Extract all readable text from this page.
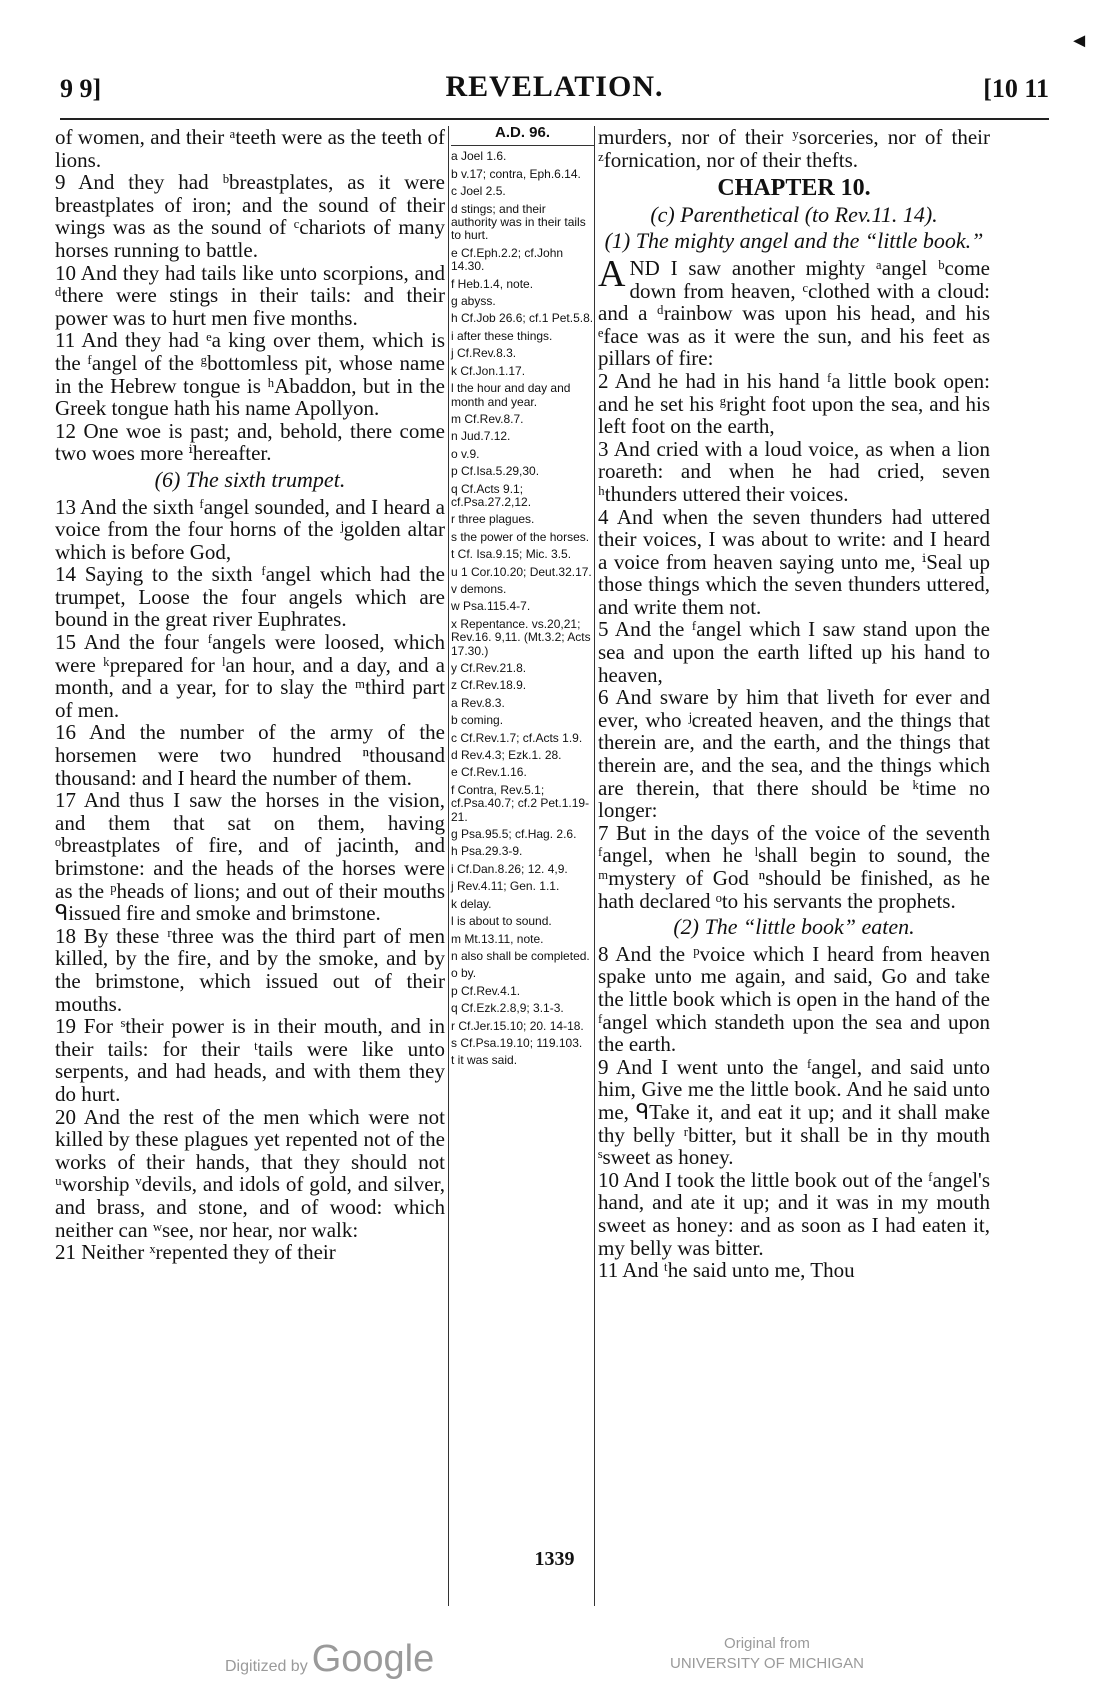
◄
9 9]	REVELATION.	[10 11

of women, and their ᵃteeth were as the teeth of lions.

9 And they had ᵇbreastplates, as it were breastplates of iron; and the sound of their wings was as the sound of ᶜchariots of many horses running to battle.

10 And they had tails like unto scorpions, and ᵈthere were stings in their tails: and their power was to hurt men five months.

11 And they had ᵉa king over them, which is the ᶠangel of the ᵍbottomless pit, whose name in the Hebrew tongue is ʰAbaddon, but in the Greek tongue hath his name Apollyon.

12 One woe is past; and, behold, there come two woes more ⁱhereafter.

(6) The sixth trumpet.

13 And the sixth ᶠangel sounded, and I heard a voice from the four horns of the ʲgolden altar which is before God,

14 Saying to the sixth ᶠangel which had the trumpet, Loose the four angels which are bound in the great river Euphrates.

15 And the four ᶠangels were loosed, which were ᵏprepared for ˡan hour, and a day, and a month, and a year, for to slay the ᵐthird part of men.

16 And the number of the army of the horsemen were two hundred ⁿthousand thousand: and I heard the number of them.

17 And thus I saw the horses in the vision, and them that sat on them, having ᵒbreastplates of fire, and of jacinth, and brimstone: and the heads of the horses were as the ᵖheads of lions; and out of their mouths ᑫissued fire and smoke and brimstone.

18 By these ʳthree was the third part of men killed, by the fire, and by the smoke, and by the brimstone, which issued out of their mouths.

19 For ˢtheir power is in their mouth, and in their tails: for their ᵗtails were like unto serpents, and had heads, and with them they do hurt.

20 And the rest of the men which were not killed by these plagues yet repented not of the works of their hands, that they should not ᵘworship ᵛdevils, and idols of gold, and silver, and brass, and stone, and of wood: which neither can ʷsee, nor hear, nor walk:

21 Neither ˣrepented they of their

A.D. 96.
a Joel 1.6.
b v.17; contra, Eph.6.14.
c Joel 2.5.
d stings; and their authority was in their tails to hurt.
e Cf.Eph.2.2; cf.John 14.30.
f Heb.1.4, note.
g abyss.
h Cf.Job 26.6; cf.1 Pet.5.8.
i after these things.
j Cf.Rev.8.3.
k Cf.Jon.1.17.
l the hour and day and month and year.
m Cf.Rev.8.7.
n Jud.7.12.
o v.9.
p Cf.Isa.5.29,30.
q Cf.Acts 9.1; cf.Psa.27.2,12.
r three plagues.
s the power of the horses.
t Cf. Isa.9.15; Mic. 3.5.
u 1 Cor.10.20; Deut.32.17.
v demons.
w Psa.115.4-7.
x Repentance. vs.20,21; Rev.16. 9,11. (Mt.3.2; Acts 17.30.)
y Cf.Rev.21.8.
z Cf.Rev.18.9.
a Rev.8.3.
b coming.
c Cf.Rev.1.7; cf.Acts 1.9.
d Rev.4.3; Ezk.1. 28.
e Cf.Rev.1.16.
f Contra, Rev.5.1; cf.Psa.40.7; cf.2 Pet.1.19-21.
g Psa.95.5; cf.Hag. 2.6.
h Psa.29.3-9.
i Cf.Dan.8.26; 12. 4,9.
j Rev.4.11; Gen. 1.1.
k delay.
l is about to sound.
m Mt.13.11, note.
n also shall be completed.
o by.
p Cf.Rev.4.1.
q Cf.Ezk.2.8,9; 3.1-3.
r Cf.Jer.15.10; 20. 14-18.
s Cf.Psa.19.10; 119.103.
t it was said.

murders, nor of their ʸsorceries, nor of their ᶻfornication, nor of their thefts.

CHAPTER 10.

(c) Parenthetical (to Rev.11. 14).

(1) The mighty angel and the “little book.”

AND I saw another mighty ᵃangel ᵇcome down from heaven, ᶜclothed with a cloud: and a ᵈrainbow was upon his head, and his ᵉface was as it were the sun, and his feet as pillars of fire:

2 And he had in his hand ᶠa little book open: and he set his ᵍright foot upon the sea, and his left foot on the earth,

3 And cried with a loud voice, as when a lion roareth: and when he had cried, seven ʰthunders uttered their voices.

4 And when the seven thunders had uttered their voices, I was about to write: and I heard a voice from heaven saying unto me, ⁱSeal up those things which the seven thunders uttered, and write them not.

5 And the ᶠangel which I saw stand upon the sea and upon the earth lifted up his hand to heaven,

6 And sware by him that liveth for ever and ever, who ʲcreated heaven, and the things that therein are, and the earth, and the things that therein are, and the sea, and the things which are therein, that there should be ᵏtime no longer:

7 But in the days of the voice of the seventh ᶠangel, when he ˡshall begin to sound, the ᵐmystery of God ⁿshould be finished, as he hath declared ᵒto his servants the prophets.

(2) The “little book” eaten.

8 And the ᵖvoice which I heard from heaven spake unto me again, and said, Go and take the little book which is open in the hand of the ᶠangel which standeth upon the sea and upon the earth.

9 And I went unto the ᶠangel, and said unto him, Give me the little book. And he said unto me, ᑫTake it, and eat it up; and it shall make thy belly ʳbitter, but it shall be in thy mouth ˢsweet as honey.

10 And I took the little book out of the ᶠangel's hand, and ate it up; and it was in my mouth sweet as honey: and as soon as I had eaten it, my belly was bitter.

11 And ᵗhe said unto me, Thou

1339
Digitized by Google	Original from
UNIVERSITY OF MICHIGAN
